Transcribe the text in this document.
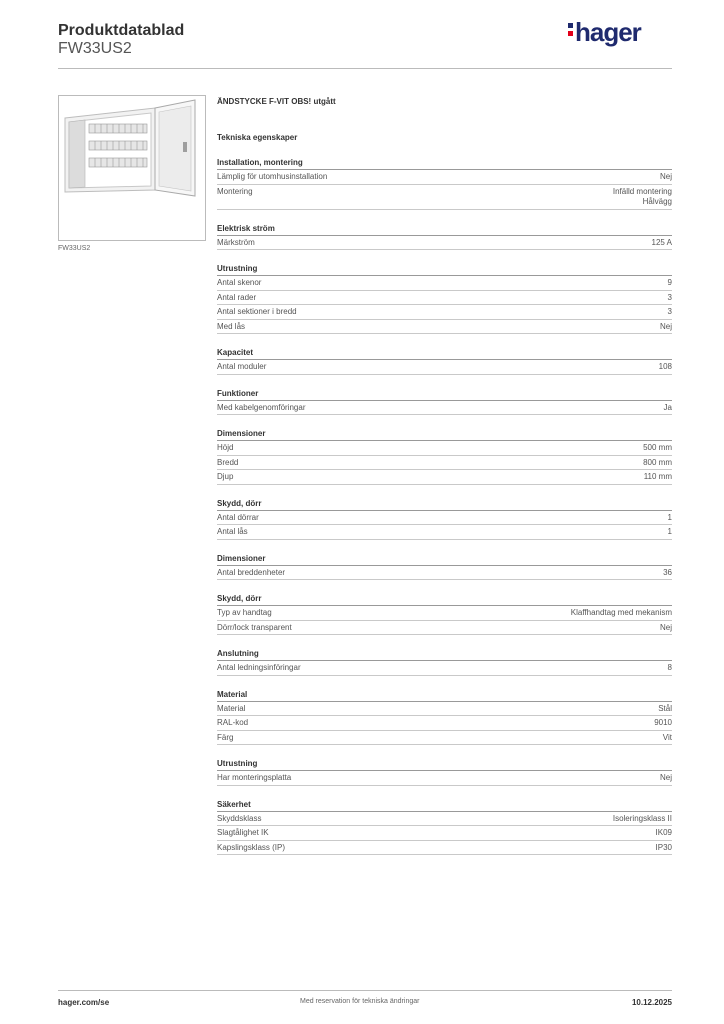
Produktdatablad
FW33US2
hager
FW33US2
ÄNDSTYCKE F-VIT OBS! utgått
Tekniska egenskaper
Installation, montering
Lämplig för utomhusinstallation	Nej
Montering	Infälld montering
Hålvägg
Elektrisk ström
Märkström	125 A
Utrustning
Antal skenor	9
Antal rader	3
Antal sektioner i bredd	3
Med lås	Nej
Kapacitet
Antal moduler	108
Funktioner
Med kabelgenomföringar	Ja
Dimensioner
Höjd	500 mm
Bredd	800 mm
Djup	110 mm
Skydd, dörr
Antal dörrar	1
Antal lås	1
Dimensioner
Antal breddenheter	36
Skydd, dörr
Typ av handtag	Klaffhandtag med mekanism
Dörr/lock transparent	Nej
Anslutning
Antal ledningsinföringar	8
Material
Material	Stål
RAL-kod	9010
Färg	Vit
Utrustning
Har monteringsplatta	Nej
Säkerhet
Skyddsklass	Isoleringsklass II
Slagtålighet IK	IK09
Kapslingsklass (IP)	IP30
hager.com/se	Med reservation för tekniska ändringar	10.12.2025
